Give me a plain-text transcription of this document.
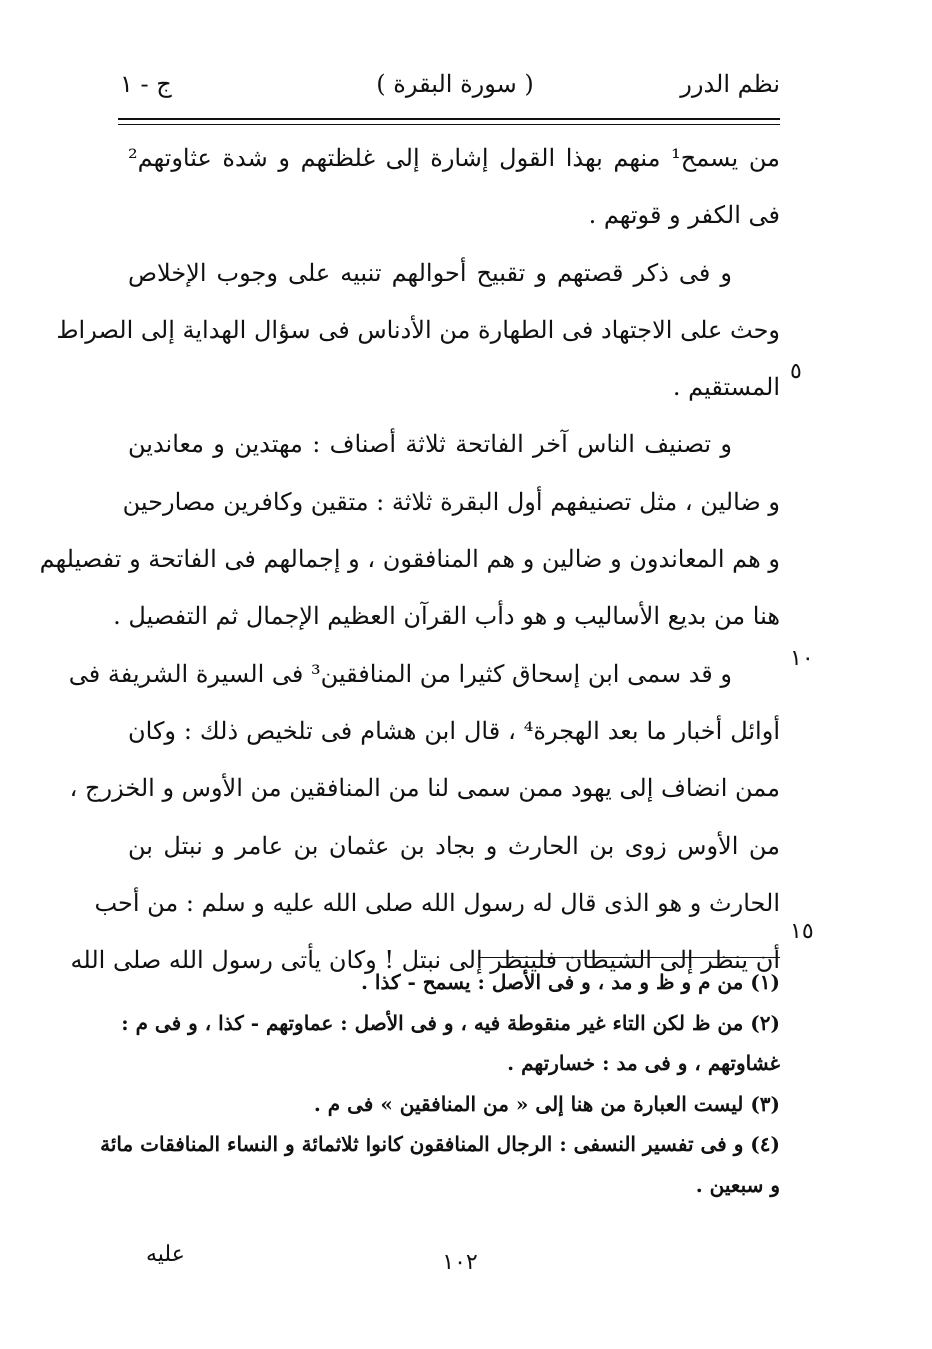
نظم الدرر
( سورة البقرة )
ج - ١
من يسمح¹ منهم بهذا القول إشارة إلى غلظتهم و شدة عثاوتهم²
فى الكفر و قوتهم .
و فى ذكر قصتهم و تقبيح أحوالهم تنبيه على وجوب الإخلاص
وحث على الاجتهاد فى الطهارة من الأدناس فى سؤال الهداية إلى الصراط
المستقيم .
و تصنيف الناس آخر الفاتحة ثلاثة أصناف : مهتدين و معاندين
و ضالين ، مثل تصنيفهم أول البقرة ثلاثة : متقين وكافرين مصارحين
و هم المعاندون و ضالين و هم المنافقون ، و إجمالهم فى الفاتحة و تفصيلهم
هنا من بديع الأساليب و هو دأب القرآن العظيم الإجمال ثم التفصيل .
و قد سمى ابن إسحاق كثيرا من المنافقين³ فى السيرة الشريفة فى
أوائل أخبار ما بعد الهجرة⁴ ، قال ابن هشام فى تلخيص ذلك : وكان
ممن انضاف إلى يهود ممن سمى لنا من المنافقين من الأوس و الخزرج ،
من الأوس زوى بن الحارث و بجاد بن عثمان بن عامر و نبتل بن
الحارث و هو الذى قال له رسول الله صلى الله عليه و سلم : من أحب
أن ينظر إلى الشيطان فلينظر إلى نبتل ! وكان يأتى رسول الله صلى الله
٥
١٠
١٥
(١) من م و ظ و مد ، و فى الأصل : يسمح - كذا .
(٢) من ظ لكن التاء غير منقوطة فيه ، و فى الأصل : عماوتهم - كذا ، و فى م :
غشاوتهم ، و فى مد : خسارتهم .
(٣) ليست العبارة من هنا إلى « من المنافقين » فى م .
(٤) و فى تفسير النسفى : الرجال المنافقون كانوا ثلاثمائة و النساء المنافقات مائة
و سبعين .
عليه	١٠٢
